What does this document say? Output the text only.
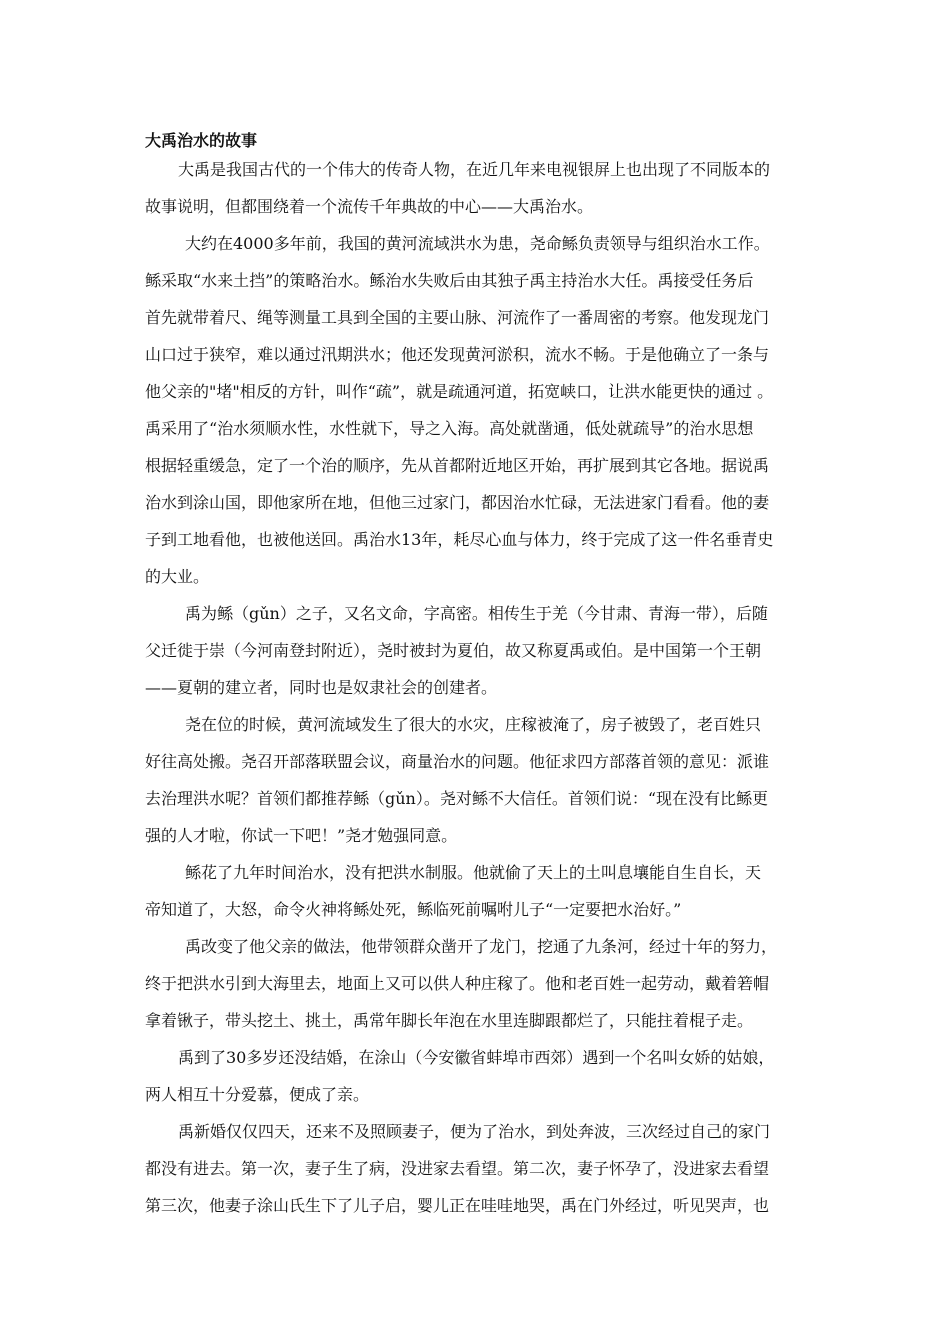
大禹治水的故事
大禹是我国古代的一个伟大的传奇人物，在近几年来电视银屏上也出现了不同版本的
故事说明，但都围绕着一个流传千年典故的中心——大禹治水。
大约在4000多年前，我国的黄河流域洪水为患，尧命鲧负责领导与组织治水工作。
鲧采取“水来土挡”的策略治水。鲧治水失败后由其独子禹主持治水大任。禹接受任务后
首先就带着尺、绳等测量工具到全国的主要山脉、河流作了一番周密的考察。他发现龙门
山口过于狭窄，难以通过汛期洪水；他还发现黄河淤积，流水不畅。于是他确立了一条与
他父亲的"堵"相反的方针，叫作“疏”，就是疏通河道，拓宽峡口，让洪水能更快的通过 。
禹采用了“治水须顺水性，水性就下，导之入海。高处就凿通，低处就疏导”的治水思想
根据轻重缓急，定了一个治的顺序，先从首都附近地区开始，再扩展到其它各地。据说禹
治水到涂山国，即他家所在地，但他三过家门，都因治水忙碌，无法进家门看看。他的妻
子到工地看他，也被他送回。禹治水13年，耗尽心血与体力，终于完成了这一件名垂青史
的大业。
禹为鲧（gǔn）之子，又名文命，字高密。相传生于羌（今甘肃、青海一带），后随
父迁徙于崇（今河南登封附近），尧时被封为夏伯，故又称夏禹或伯。是中国第一个王朝
——夏朝的建立者，同时也是奴隶社会的创建者。
尧在位的时候，黄河流域发生了很大的水灾，庄稼被淹了，房子被毁了，老百姓只
好往高处搬。尧召开部落联盟会议，商量治水的问题。他征求四方部落首领的意见：派谁
去治理洪水呢？首领们都推荐鲧（gǔn）。尧对鲧不大信任。首领们说：“现在没有比鲧更
强的人才啦，你试一下吧！”尧才勉强同意。
鲧花了九年时间治水，没有把洪水制服。他就偷了天上的土叫息壤能自生自长，天
帝知道了，大怒，命令火神将鲧处死，鲧临死前嘱咐儿子“一定要把水治好。”
禹改变了他父亲的做法，他带领群众凿开了龙门，挖通了九条河，经过十年的努力，
终于把洪水引到大海里去，地面上又可以供人种庄稼了。他和老百姓一起劳动，戴着箬帽
拿着锹子，带头挖土、挑土，禹常年脚长年泡在水里连脚跟都烂了，只能拄着棍子走。
禹到了30多岁还没结婚，在涂山（今安徽省蚌埠市西郊）遇到一个名叫女娇的姑娘，
两人相互十分爱慕，便成了亲。
禹新婚仅仅四天，还来不及照顾妻子，便为了治水，到处奔波，三次经过自己的家门
都没有进去。第一次，妻子生了病，没进家去看望。第二次，妻子怀孕了，没进家去看望
第三次，他妻子涂山氏生下了儿子启，婴儿正在哇哇地哭，禹在门外经过，听见哭声，也
